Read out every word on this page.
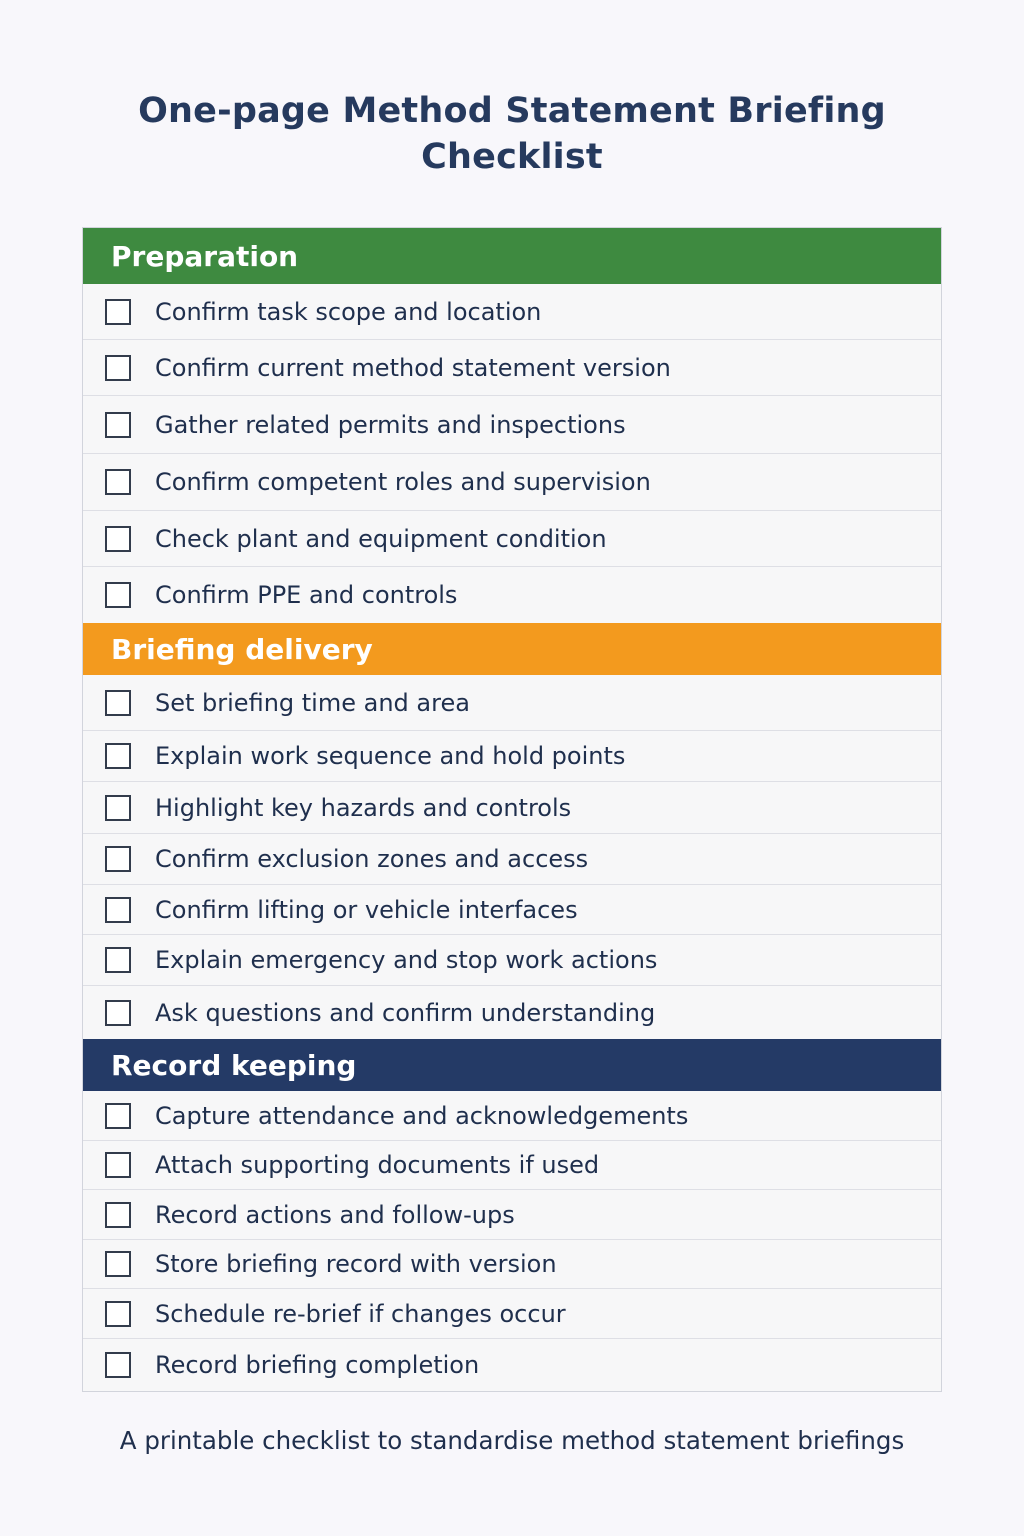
One-page Method Statement Briefing
Checklist
Preparation
Confirm task scope and location
Confirm current method statement version
Gather related permits and inspections
Confirm competent roles and supervision
Check plant and equipment condition
Confirm PPE and controls
Briefing delivery
Set briefing time and area
Explain work sequence and hold points
Highlight key hazards and controls
Confirm exclusion zones and access
Confirm lifting or vehicle interfaces
Explain emergency and stop work actions
Ask questions and confirm understanding
Record keeping
Capture attendance and acknowledgements
Attach supporting documents if used
Record actions and follow-ups
Store briefing record with version
Schedule re-brief if changes occur
Record briefing completion
A printable checklist to standardise method statement briefings
